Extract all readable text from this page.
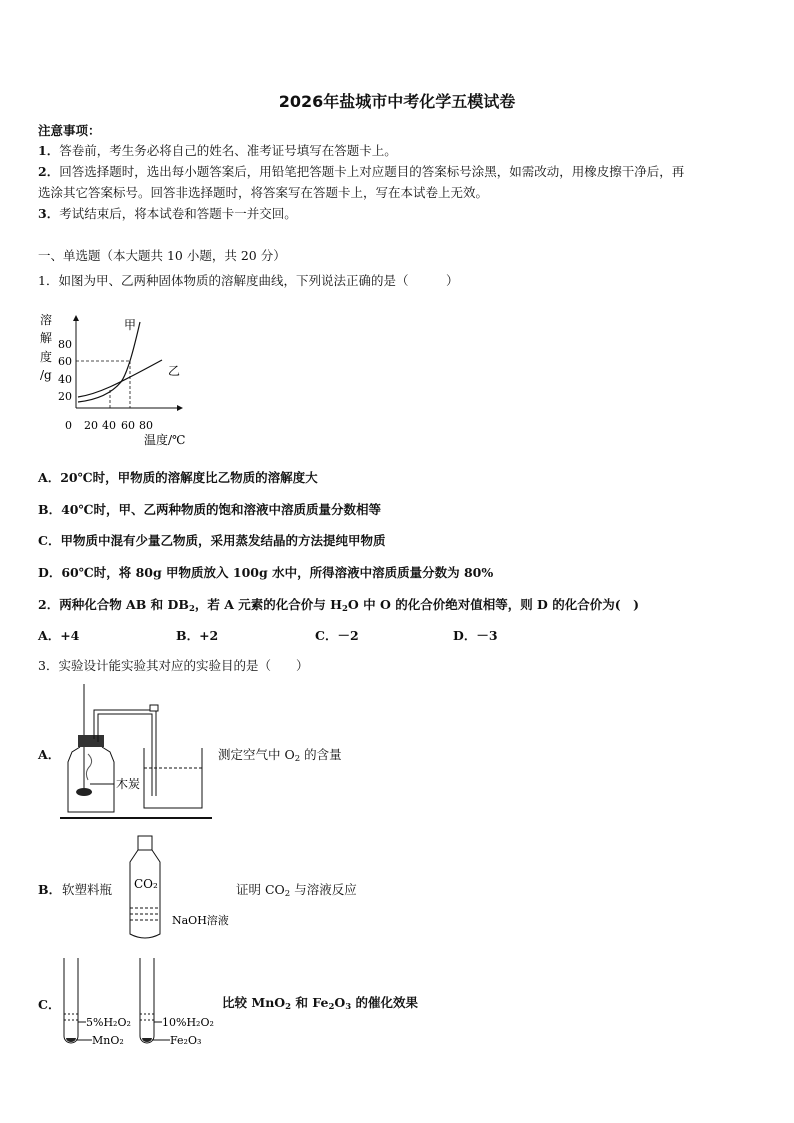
2026年盐城市中考化学五模试卷
注意事项：
1．答卷前，考生务必将自己的姓名、准考证号填写在答题卡上。
2．回答选择题时，选出每小题答案后，用铅笔把答题卡上对应题目的答案标号涂黑，如需改动，用橡皮擦干净后，再
选涂其它答案标号。回答非选择题时，将答案写在答题卡上，写在本试卷上无效。
3．考试结束后，将本试卷和答题卡一并交回。
一、单选题（本大题共 10 小题，共 20 分）
1．如图为甲、乙两种固体物质的溶解度曲线，下列说法正确的是（　　　）
溶
解
度
/g
80
60
40
20
0 20 40 60 80
温度/℃
甲
乙
A．20℃时，甲物质的溶解度比乙物质的溶解度大
B．40℃时，甲、乙两种物质的饱和溶液中溶质质量分数相等
C．甲物质中混有少量乙物质，采用蒸发结晶的方法提纯甲物质
D．60℃时，将 80g 甲物质放入 100g 水中，所得溶液中溶质质量分数为 80%
2．两种化合物 AB 和 $DB_2$，若 A 元素的化合价与 $H_2O$ 中 O 的化合价绝对值相等，则 D 的化合价为(　)
A．+4	B．+2	C．－2	D．－3
3．实验设计能实验其对应的实验目的是（　　）
A．
木炭
测定空气中 $O_2$ 的含量
B． 软塑料瓶 CO₂
NaOH溶液
证明 $CO_2$ 与溶液反应
C．
5%H₂O₂
MnO₂
10%H₂O₂
Fe₂O₃
比较 MnO$_2$ 和 $Fe_2O_3$ 的催化效果
